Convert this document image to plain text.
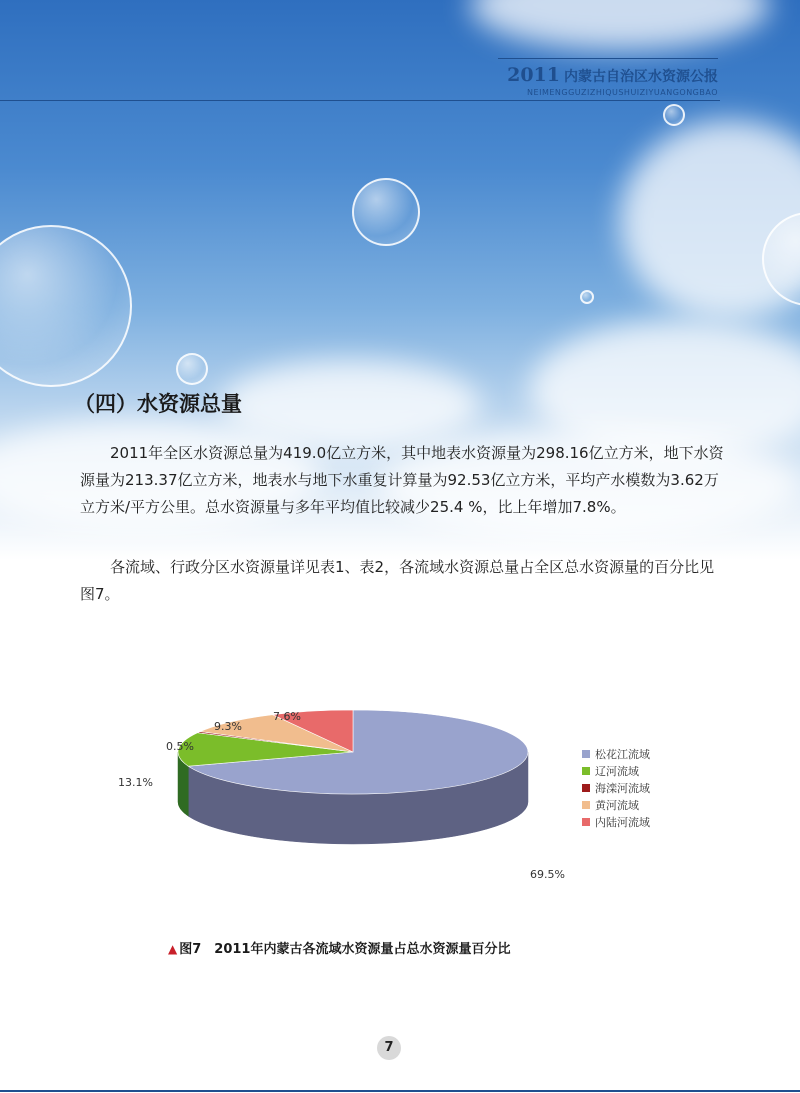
2011 内蒙古自治区水资源公报
NEIMENGGUZIZHIQUSHUIZIYUANGONGBAO
（四）水资源总量

2011年全区水资源总量为419.0亿立方米，其中地表水资源量为298.16亿立方米，地下水资源量为213.37亿立方米，地表水与地下水重复计算量为92.53亿立方米，平均产水模数为3.62万立方米/平方公里。总水资源量与多年平均值比较减少25.4 %，比上年增加7.8%。

各流域、行政分区水资源量详见表1、表2，各流域水资源总量占全区总水资源量的百分比见图7。

69.5%
13.1%
0.5%
9.3%
7.6%
松花江流域
辽河流域
海滦河流域
黄河流域
内陆河流域
▲ 图7　2011年内蒙古各流域水资源量占总水资源量百分比
7
